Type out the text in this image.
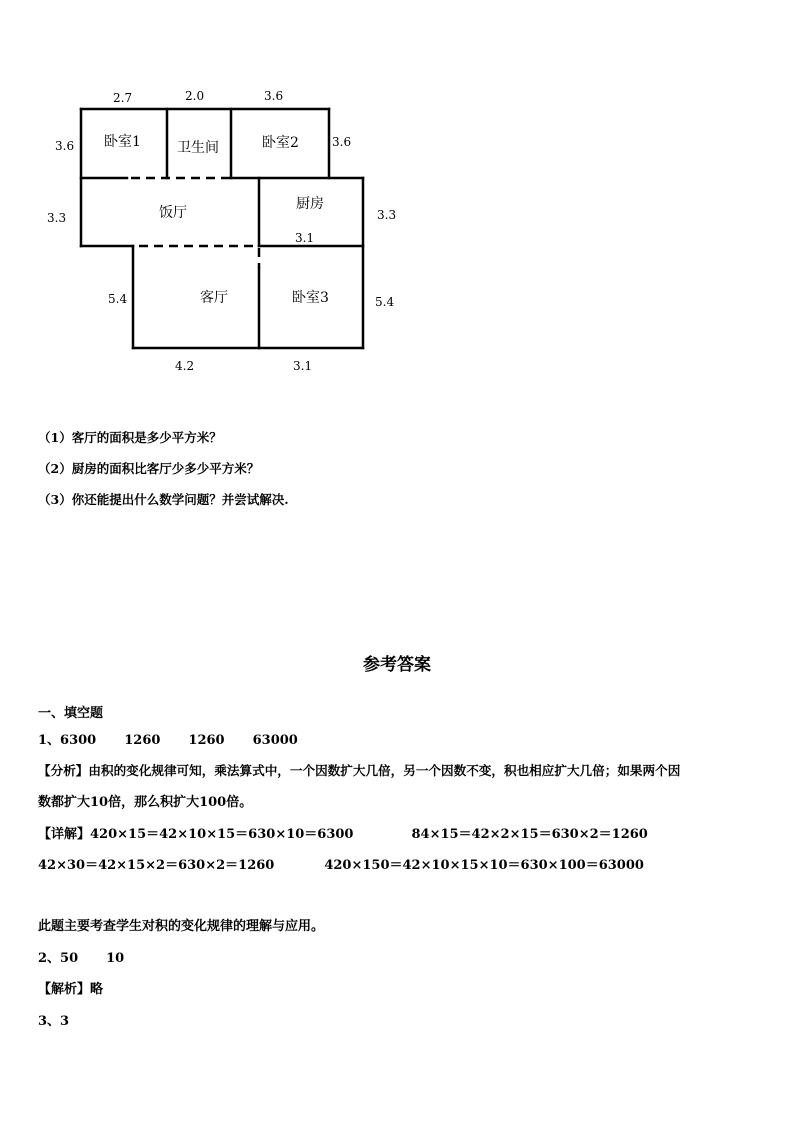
2.7	2.0	3.6
3.6	3.6
3.3	3.3
3.1
5.4	5.4
4.2	3.1
卧室1	卫生间	卧室2
饭厅
厨房
客厅	卧室3
（1）客厅的面积是多少平方米？
（2）厨房的面积比客厅少多少平方米？
（3）你还能提出什么数学问题？并尝试解决.
参考答案
一、填空题
1、6300 1260 1260 63000
【分析】由积的变化规律可知，乘法算式中，一个因数扩大几倍，另一个因数不变，积也相应扩大几倍；如果两个因
数都扩大10倍，那么积扩大100倍。
【详解】420×15＝42×10×15＝630×10＝6300	84×15＝42×2×15＝630×2＝1260
42×30＝42×15×2＝630×2＝1260	420×150＝42×10×15×10＝630×100＝63000
此题主要考查学生对积的变化规律的理解与应用。
2、50 10
【解析】略
3、3
